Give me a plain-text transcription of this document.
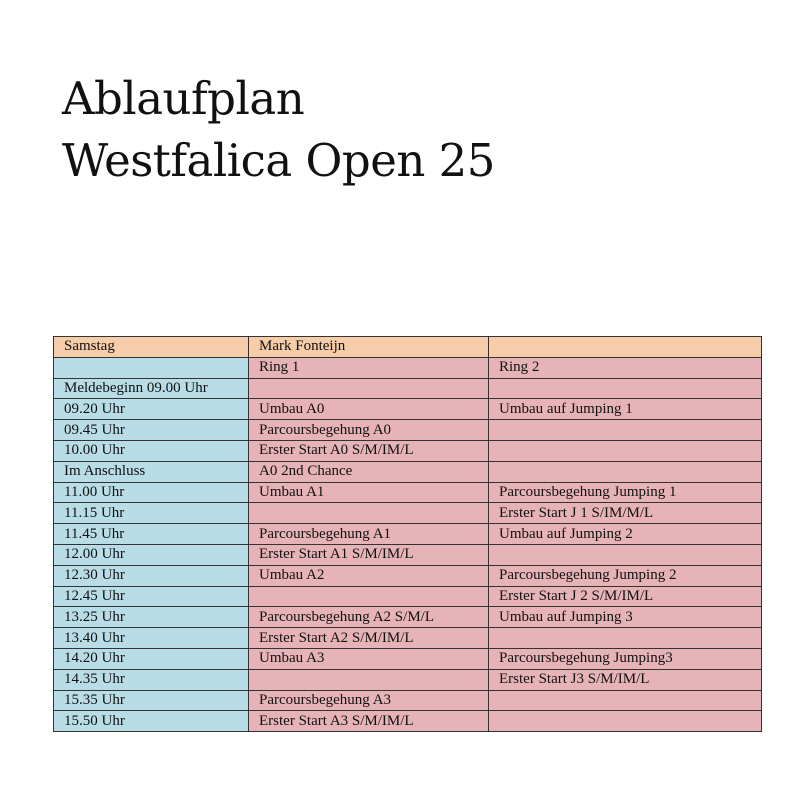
Ablaufplan
Westfalica Open 25
Samstag	Mark Fonteijn	
	Ring 1	Ring 2
Meldebeginn 09.00 Uhr		
09.20 Uhr	Umbau A0	Umbau auf Jumping 1
09.45 Uhr	Parcoursbegehung A0	
10.00 Uhr	Erster Start A0 S/M/IM/L	
Im Anschluss	A0 2nd Chance	
11.00 Uhr	Umbau A1	Parcoursbegehung Jumping 1
11.15 Uhr		Erster Start J 1 S/IM/M/L
11.45 Uhr	Parcoursbegehung A1	Umbau auf Jumping 2
12.00 Uhr	Erster Start A1 S/M/IM/L	
12.30 Uhr	Umbau A2	Parcoursbegehung Jumping 2
12.45 Uhr		Erster Start J 2 S/M/IM/L
13.25 Uhr	Parcoursbegehung A2 S/M/L	Umbau auf Jumping 3
13.40 Uhr	Erster Start A2 S/M/IM/L	
14.20 Uhr	Umbau A3	Parcoursbegehung Jumping3
14.35 Uhr		Erster Start J3 S/M/IM/L
15.35 Uhr	Parcoursbegehung A3	
15.50 Uhr	Erster Start A3 S/M/IM/L	
